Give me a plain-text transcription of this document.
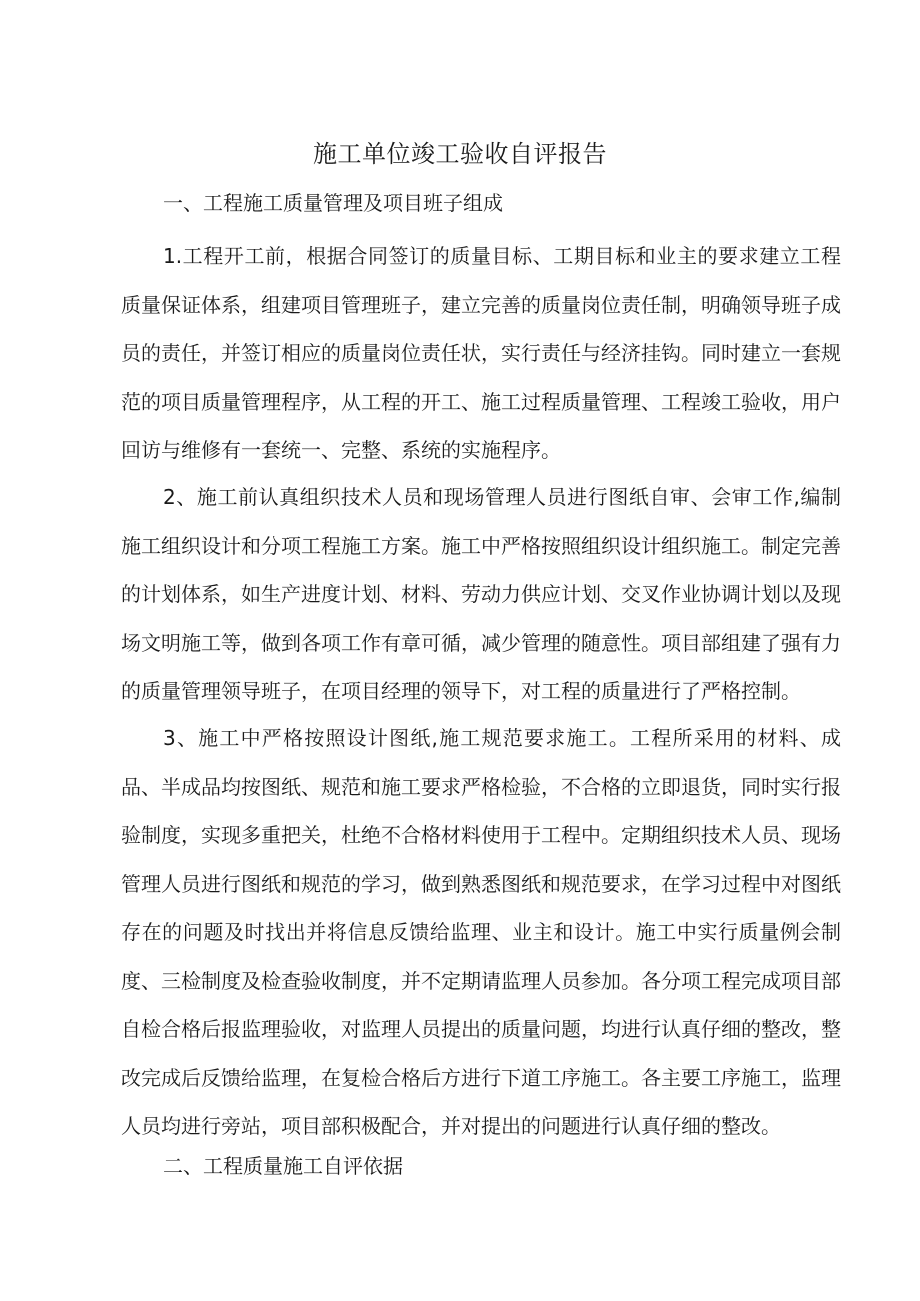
施工单位竣工验收自评报告

一、工程施工质量管理及项目班子组成

1.工程开工前，根据合同签订的质量目标、工期目标和业主的要求建立工程质量保证体系，组建项目管理班子，建立完善的质量岗位责任制，明确领导班子成员的责任，并签订相应的质量岗位责任状，实行责任与经济挂钩。同时建立一套规范的项目质量管理程序，从工程的开工、施工过程质量管理、工程竣工验收，用户回访与维修有一套统一、完整、系统的实施程序。

2、施工前认真组织技术人员和现场管理人员进行图纸自审、会审工作,编制施工组织设计和分项工程施工方案。施工中严格按照组织设计组织施工。制定完善的计划体系，如生产进度计划、材料、劳动力供应计划、交叉作业协调计划以及现场文明施工等，做到各项工作有章可循，减少管理的随意性。项目部组建了强有力的质量管理领导班子，在项目经理的领导下，对工程的质量进行了严格控制。

3、施工中严格按照设计图纸,施工规范要求施工。工程所采用的材料、成品、半成品均按图纸、规范和施工要求严格检验，不合格的立即退货，同时实行报验制度，实现多重把关，杜绝不合格材料使用于工程中。定期组织技术人员、现场管理人员进行图纸和规范的学习，做到熟悉图纸和规范要求，在学习过程中对图纸存在的问题及时找出并将信息反馈给监理、业主和设计。施工中实行质量例会制度、三检制度及检查验收制度，并不定期请监理人员参加。各分项工程完成项目部自检合格后报监理验收，对监理人员提出的质量问题，均进行认真仔细的整改，整改完成后反馈给监理，在复检合格后方进行下道工序施工。各主要工序施工，监理人员均进行旁站，项目部积极配合，并对提出的问题进行认真仔细的整改。

二、工程质量施工自评依据
